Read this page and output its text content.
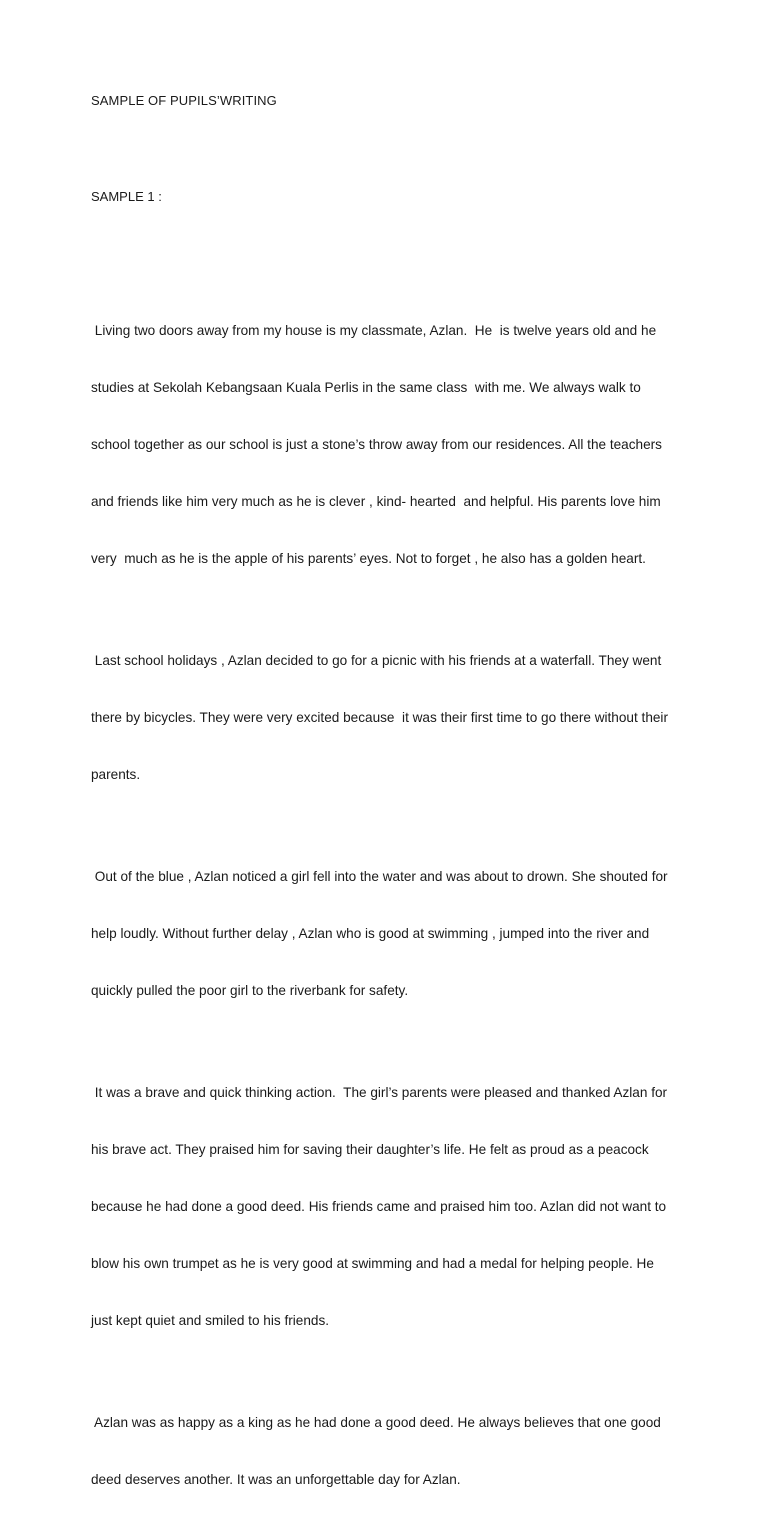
SAMPLE OF PUPILS’WRITING
SAMPLE 1 :

Living two doors away from my house is my classmate, Azlan.  He  is twelve years old and he

studies at Sekolah Kebangsaan Kuala Perlis in the same class  with me. We always walk to

school together as our school is just a stone’s throw away from our residences. All the teachers

and friends like him very much as he is clever , kind- hearted  and helpful. His parents love him

very  much as he is the apple of his parents’ eyes. Not to forget , he also has a golden heart.

Last school holidays , Azlan decided to go for a picnic with his friends at a waterfall. They went

there by bicycles. They were very excited because  it was their first time to go there without their

parents.

Out of the blue , Azlan noticed a girl fell into the water and was about to drown. She shouted for

help loudly. Without further delay , Azlan who is good at swimming , jumped into the river and

quickly pulled the poor girl to the riverbank for safety.

It was a brave and quick thinking action.  The girl’s parents were pleased and thanked Azlan for

his brave act. They praised him for saving their daughter’s life. He felt as proud as a peacock

because he had done a good deed. His friends came and praised him too. Azlan did not want to

blow his own trumpet as he is very good at swimming and had a medal for helping people. He

just kept quiet and smiled to his friends.

Azlan was as happy as a king as he had done a good deed. He always believes that one good

deed deserves another. It was an unforgettable day for Azlan.
